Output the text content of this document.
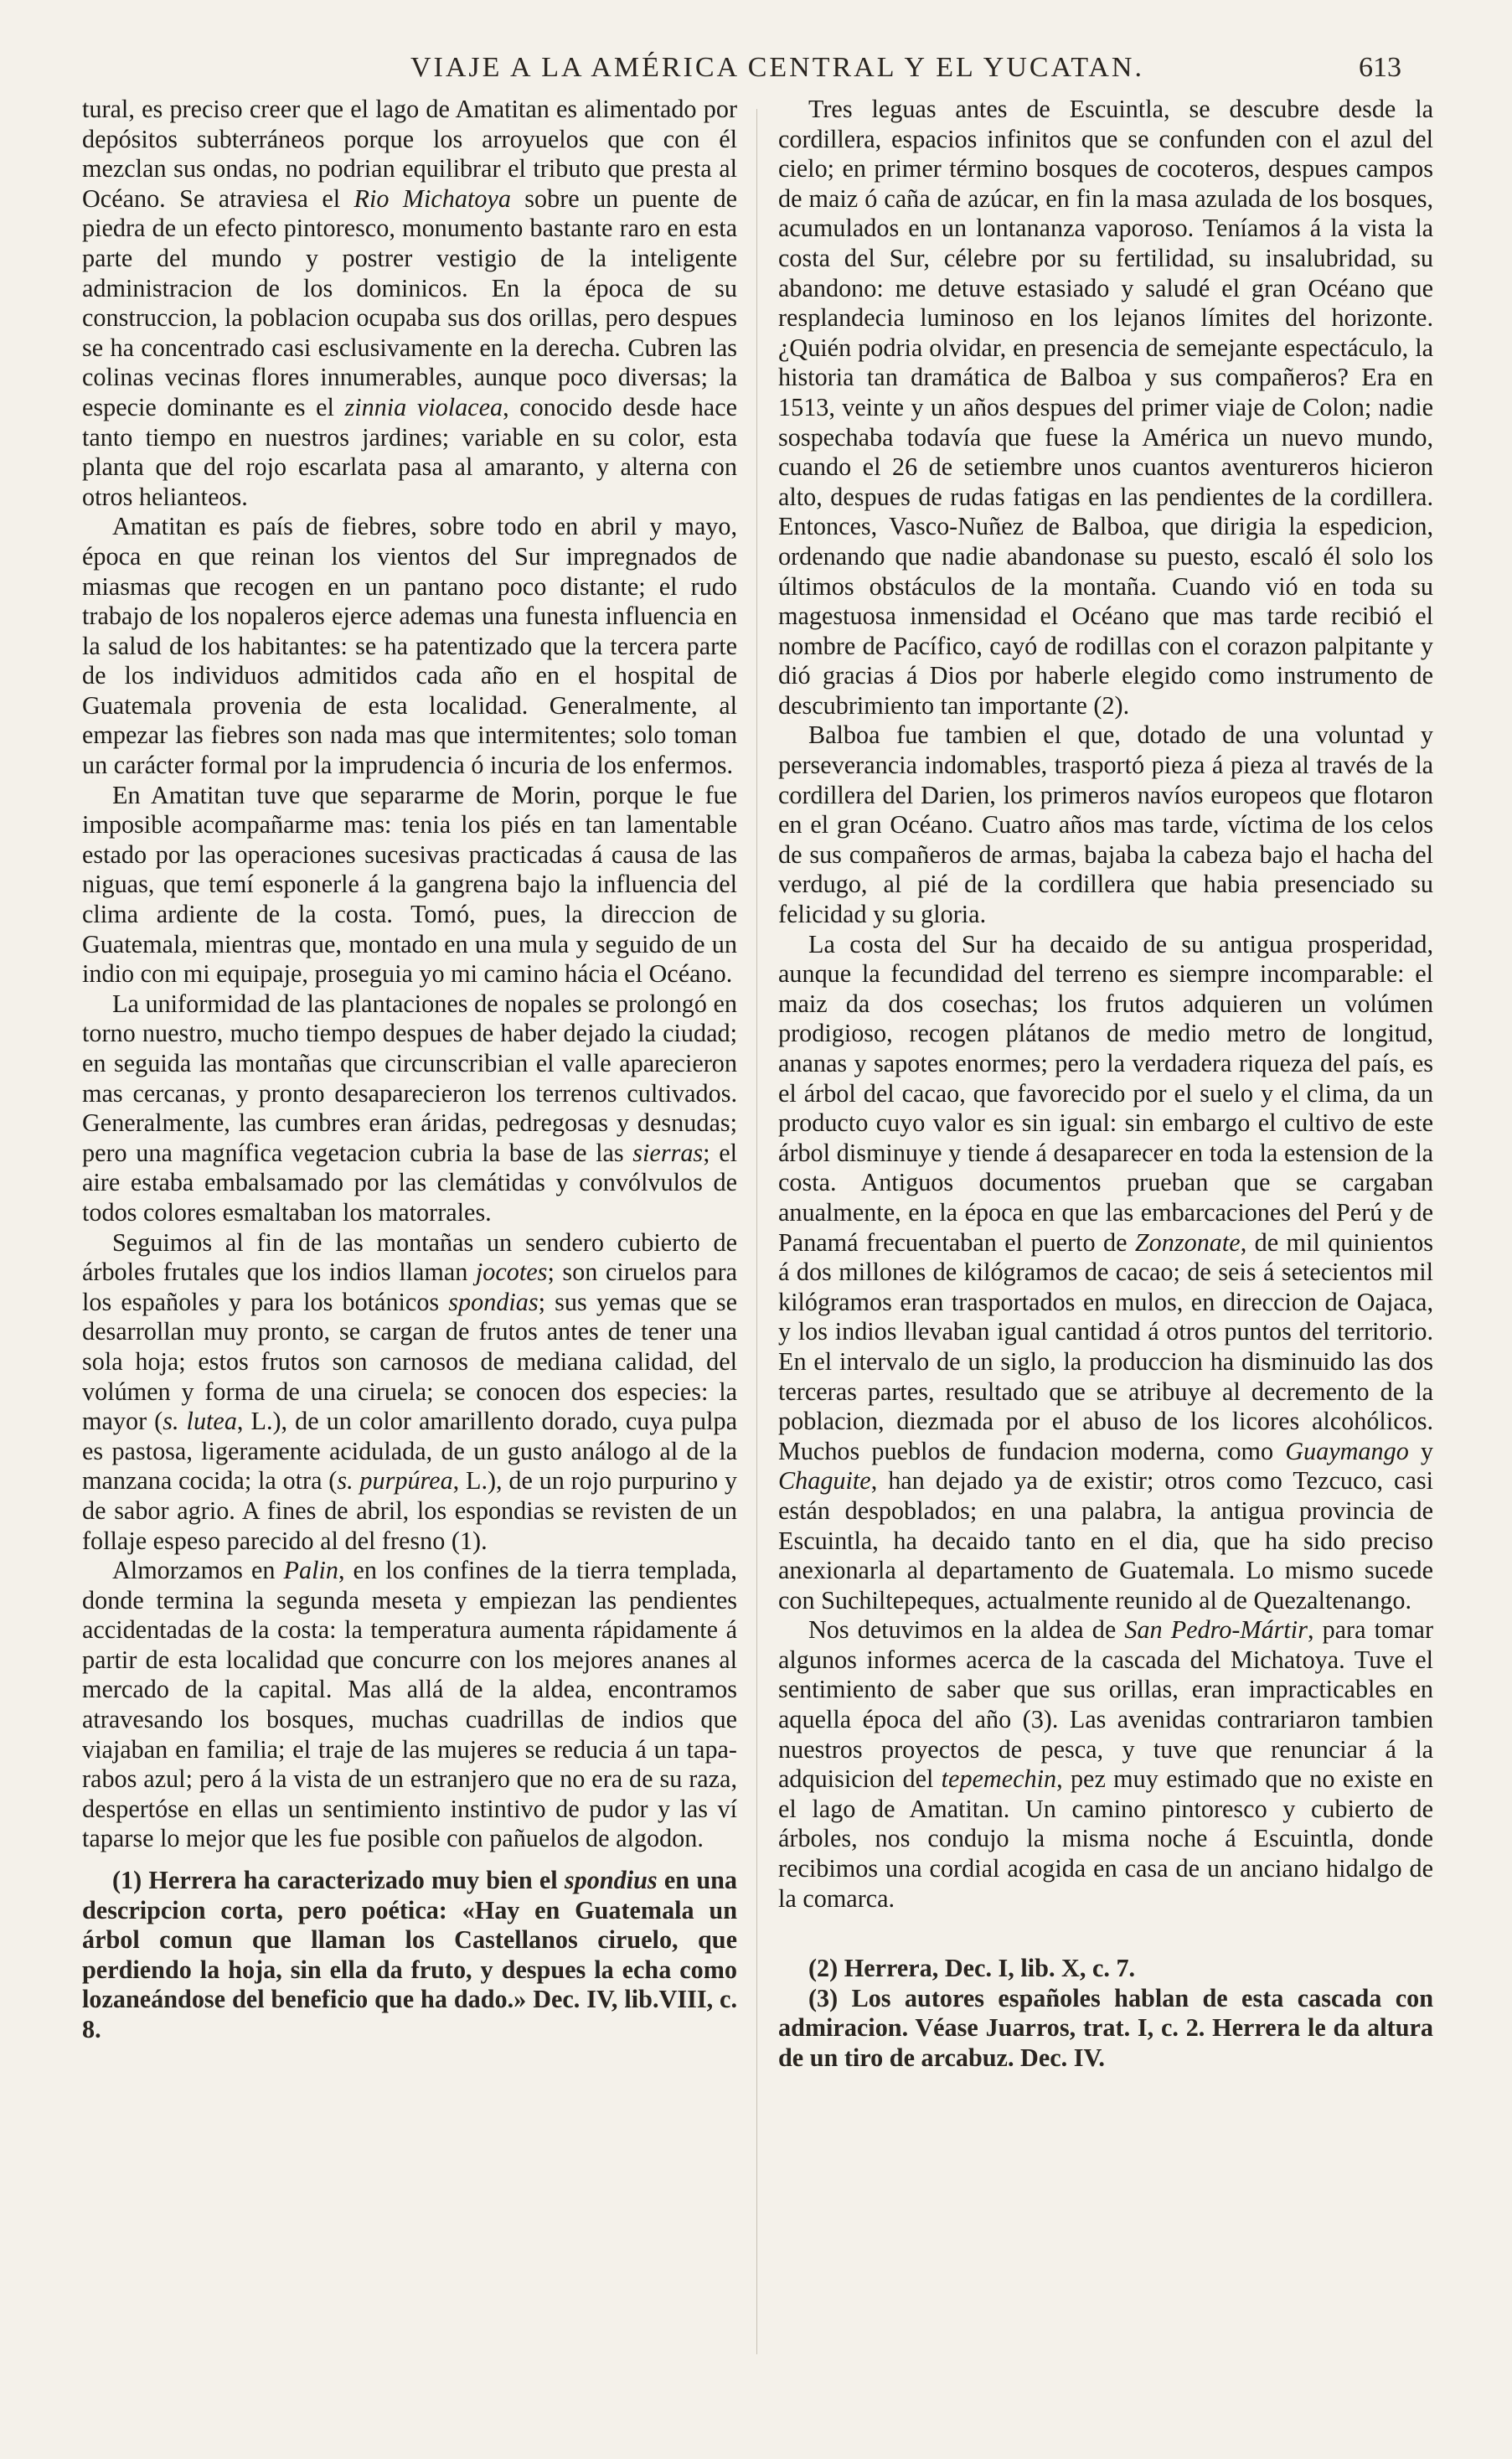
VIAJE A LA AMÉRICA CENTRAL Y EL YUCATAN.	613

tural, es preciso creer que el lago de Amatitan es alimentado por depósitos subterráneos porque los arroyuelos que con él mezclan sus ondas, no podrian equilibrar el tributo que presta al Océano. Se atraviesa el Rio Michatoya sobre un puente de piedra de un efecto pintoresco, monumento bastante raro en esta parte del mundo y postrer vestigio de la inteligente administracion de los dominicos. En la época de su construccion, la poblacion ocupaba sus dos orillas, pero despues se ha concentrado casi esclusivamente en la derecha. Cubren las colinas vecinas flores innumerables, aunque poco diversas; la especie dominante es el zinnia violacea, conocido desde hace tanto tiempo en nuestros jardines; variable en su color, esta planta que del rojo escarlata pasa al amaranto, y alterna con otros helianteos.

Amatitan es país de fiebres, sobre todo en abril y mayo, época en que reinan los vientos del Sur impregnados de miasmas que recogen en un pantano poco distante; el rudo trabajo de los nopaleros ejerce ademas una funesta influencia en la salud de los habitantes: se ha patentizado que la tercera parte de los individuos admitidos cada año en el hospital de Guatemala provenia de esta localidad. Generalmente, al empezar las fiebres son nada mas que intermitentes; solo toman un carácter formal por la imprudencia ó incuria de los enfermos.

En Amatitan tuve que separarme de Morin, porque le fue imposible acompañarme mas: tenia los piés en tan lamentable estado por las operaciones sucesivas practicadas á causa de las niguas, que temí esponerle á la gangrena bajo la influencia del clima ardiente de la costa. Tomó, pues, la direccion de Guatemala, mientras que, montado en una mula y seguido de un indio con mi equipaje, proseguia yo mi camino hácia el Océano.

La uniformidad de las plantaciones de nopales se prolongó en torno nuestro, mucho tiempo despues de haber dejado la ciudad; en seguida las montañas que circunscribian el valle aparecieron mas cercanas, y pronto desaparecieron los terrenos cultivados. Generalmente, las cumbres eran áridas, pedregosas y desnudas; pero una magnífica vegetacion cubria la base de las sierras; el aire estaba embalsamado por las clemátidas y convólvulos de todos colores esmaltaban los matorrales.

Seguimos al fin de las montañas un sendero cubierto de árboles frutales que los indios llaman jocotes; son ciruelos para los españoles y para los botánicos spondias; sus yemas que se desarrollan muy pronto, se cargan de frutos antes de tener una sola hoja; estos frutos son carnosos de mediana calidad, del volúmen y forma de una ciruela; se conocen dos especies: la mayor (s. lutea, L.), de un color amarillento dorado, cuya pulpa es pastosa, ligeramente acidulada, de un gusto análogo al de la manzana cocida; la otra (s. purpúrea, L.), de un rojo purpurino y de sabor agrio. A fines de abril, los espondias se revisten de un follaje espeso parecido al del fresno (1).

Almorzamos en Palin, en los confines de la tierra templada, donde termina la segunda meseta y empiezan las pendientes accidentadas de la costa: la temperatura aumenta rápidamente á partir de esta localidad que concurre con los mejores ananes al mercado de la capital. Mas allá de la aldea, encontramos atravesando los bosques, muchas cuadrillas de indios que viajaban en familia; el traje de las mujeres se reducia á un tapa-rabos azul; pero á la vista de un estranjero que no era de su raza, despertóse en ellas un sentimiento instintivo de pudor y las ví taparse lo mejor que les fue posible con pañuelos de algodon.

(1) Herrera ha caracterizado muy bien el spondius en una descripcion corta, pero poética: «Hay en Guatemala un árbol comun que llaman los Castellanos ciruelo, que perdiendo la hoja, sin ella da fruto, y despues la echa como lozaneándose del beneficio que ha dado.» Dec. IV, lib.VIII, c. 8.

Tres leguas antes de Escuintla, se descubre desde la cordillera, espacios infinitos que se confunden con el azul del cielo; en primer término bosques de cocoteros, despues campos de maiz ó caña de azúcar, en fin la masa azulada de los bosques, acumulados en un lontananza vaporoso. Teníamos á la vista la costa del Sur, célebre por su fertilidad, su insalubridad, su abandono: me detuve estasiado y saludé el gran Océano que resplandecia luminoso en los lejanos límites del horizonte. ¿Quién podria olvidar, en presencia de semejante espectáculo, la historia tan dramática de Balboa y sus compañeros? Era en 1513, veinte y un años despues del primer viaje de Colon; nadie sospechaba todavía que fuese la América un nuevo mundo, cuando el 26 de setiembre unos cuantos aventureros hicieron alto, despues de rudas fatigas en las pendientes de la cordillera. Entonces, Vasco-Nuñez de Balboa, que dirigia la espedicion, ordenando que nadie abandonase su puesto, escaló él solo los últimos obstáculos de la montaña. Cuando vió en toda su magestuosa inmensidad el Océano que mas tarde recibió el nombre de Pacífico, cayó de rodillas con el corazon palpitante y dió gracias á Dios por haberle elegido como instrumento de descubrimiento tan importante (2).

Balboa fue tambien el que, dotado de una voluntad y perseverancia indomables, trasportó pieza á pieza al través de la cordillera del Darien, los primeros navíos europeos que flotaron en el gran Océano. Cuatro años mas tarde, víctima de los celos de sus compañeros de armas, bajaba la cabeza bajo el hacha del verdugo, al pié de la cordillera que habia presenciado su felicidad y su gloria.

La costa del Sur ha decaido de su antigua prosperidad, aunque la fecundidad del terreno es siempre incomparable: el maiz da dos cosechas; los frutos adquieren un volúmen prodigioso, recogen plátanos de medio metro de longitud, ananas y sapotes enormes; pero la verdadera riqueza del país, es el árbol del cacao, que favorecido por el suelo y el clima, da un producto cuyo valor es sin igual: sin embargo el cultivo de este árbol disminuye y tiende á desaparecer en toda la estension de la costa. Antiguos documentos prueban que se cargaban anualmente, en la época en que las embarcaciones del Perú y de Panamá frecuentaban el puerto de Zonzonate, de mil quinientos á dos millones de kilógramos de cacao; de seis á setecientos mil kilógramos eran trasportados en mulos, en direccion de Oajaca, y los indios llevaban igual cantidad á otros puntos del territorio. En el intervalo de un siglo, la produccion ha disminuido las dos terceras partes, resultado que se atribuye al decremento de la poblacion, diezmada por el abuso de los licores alcohólicos. Muchos pueblos de fundacion moderna, como Guaymango y Chaguite, han dejado ya de existir; otros como Tezcuco, casi están despoblados; en una palabra, la antigua provincia de Escuintla, ha decaido tanto en el dia, que ha sido preciso anexionarla al departamento de Guatemala. Lo mismo sucede con Suchiltepeques, actualmente reunido al de Quezaltenango.

Nos detuvimos en la aldea de San Pedro-Mártir, para tomar algunos informes acerca de la cascada del Michatoya. Tuve el sentimiento de saber que sus orillas, eran impracticables en aquella época del año (3). Las avenidas contrariaron tambien nuestros proyectos de pesca, y tuve que renunciar á la adquisicion del tepemechin, pez muy estimado que no existe en el lago de Amatitan. Un camino pintoresco y cubierto de árboles, nos condujo la misma noche á Escuintla, donde recibimos una cordial acogida en casa de un anciano hidalgo de la comarca.

(2) Herrera, Dec. I, lib. X, c. 7.

(3) Los autores españoles hablan de esta cascada con admiracion. Véase Juarros, trat. I, c. 2. Herrera le da altura de un tiro de arcabuz. Dec. IV.
